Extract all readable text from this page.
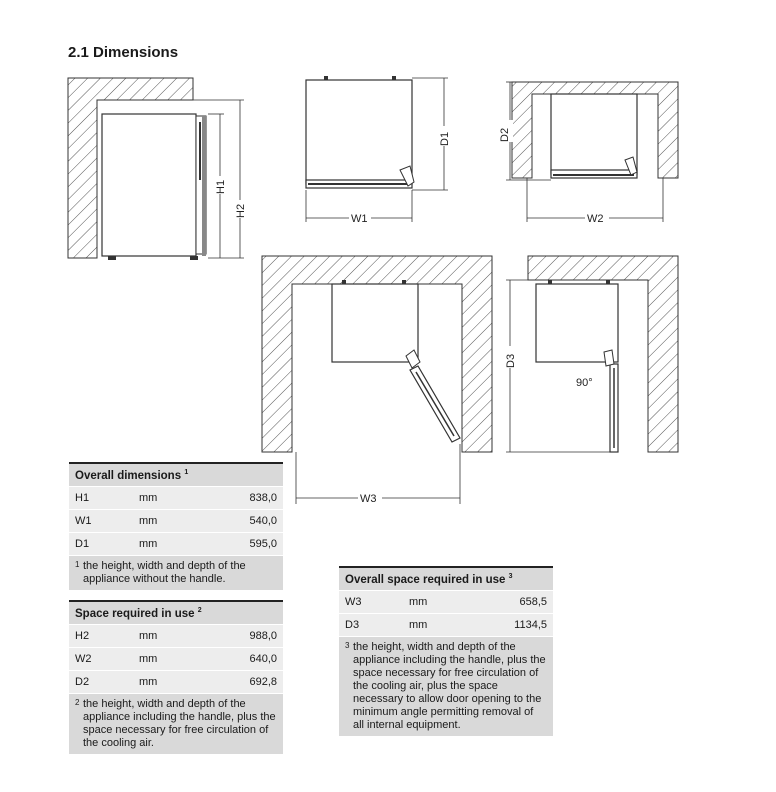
2.1 Dimensions
H1
H2
D1
W1
D2
W2
W3
D3
90°
Overall dimensions $^1$
H1	mm	838,0
W1	mm	540,0
D1	mm	595,0
1 the height, width and depth of the appliance without the handle.
Space required in use $^2$
H2	mm	988,0
W2	mm	640,0
D2	mm	692,8
2 the height, width and depth of the appliance including the handle, plus the space necessary for free circulation of the cooling air.
Overall space required in use $^3$
W3	mm	658,5
D3	mm	1134,5
3 the height, width and depth of the appliance including the handle, plus the space necessary for free circulation of the cooling air, plus the space necessary to allow door opening to the minimum angle permitting removal of all internal equipment.
